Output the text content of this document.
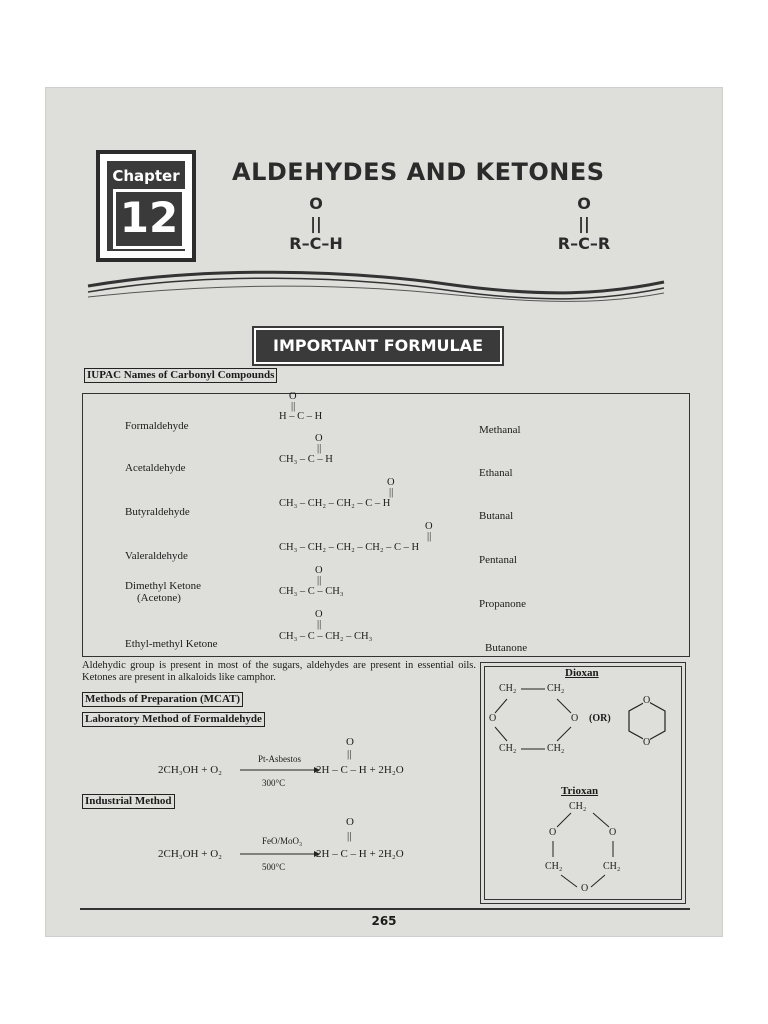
Chapter
12
ALDEHYDES AND KETONES
O
||
R–C–H
O
||
R–C–R
IMPORTANT FORMULAE
IUPAC Names of Carbonyl Compounds
Formaldehyde
O
||
H – C – H
Methanal
Acetaldehyde
O
||
CH₃ – C – H
Ethanal
Butyraldehyde
O
||
CH₃ – CH₂ – CH₂ – C – H
Butanal
Valeraldehyde
O
||
CH₃ – CH₂ – CH₂ – CH₂ – C – H
Pentanal
Dimethyl Ketone
(Acetone)
O
||
CH₃ – C – CH₃
Propanone
Ethyl-methyl Ketone
O
||
CH₃ – C – CH₂ – CH₃
Butanone
Aldehydic group is present in most of the sugars, aldehydes are present in essential oils. Ketones are present in alkaloids like camphor.
Methods of Preparation (MCAT)
Laboratory Method of Formaldehyde
2CH₃OH + O₂
Pt-Asbestos
300°C
O
||
2H – C – H + 2H₂O
Industrial Method
2CH₃OH + O₂
FeO/MoO₃
500°C
O
||
2H – C – H + 2H₂O
Dioxan
CH₂	CH₂
O	O (OR)
CH₂	CH₂
O
O
Trioxan
CH₂
O	O
CH₂	CH₂
O
265
